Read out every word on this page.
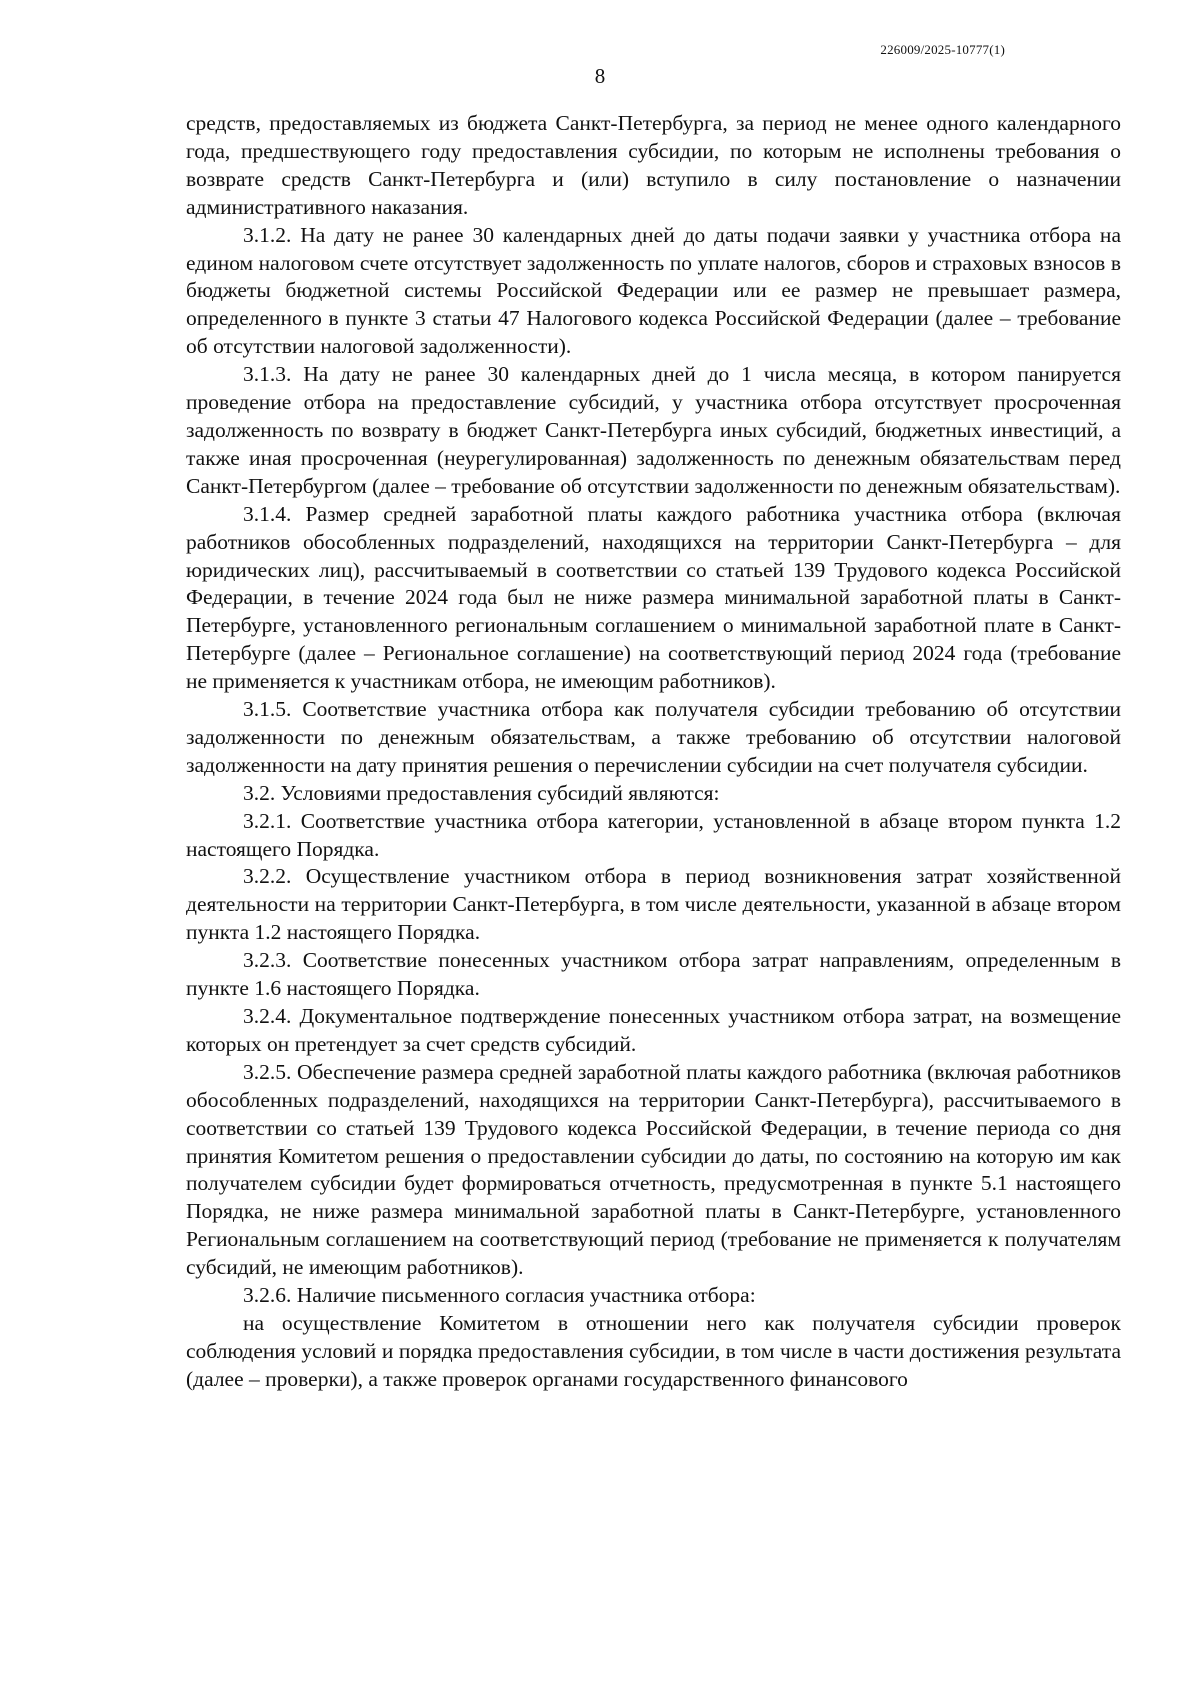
226009/2025-10777(1)
8

средств, предоставляемых из бюджета Санкт-Петербурга, за период не менее одного календарного года, предшествующего году предоставления субсидии, по которым не исполнены требования о возврате средств Санкт-Петербурга и (или) вступило в силу постановление о назначении административного наказания.

3.1.2. На дату не ранее 30 календарных дней до даты подачи заявки у участника отбора на едином налоговом счете отсутствует задолженность по уплате налогов, сборов и страховых взносов в бюджеты бюджетной системы Российской Федерации или ее размер не превышает размера, определенного в пункте 3 статьи 47 Налогового кодекса Российской Федерации (далее – требование об отсутствии налоговой задолженности).

3.1.3. На дату не ранее 30 календарных дней до 1 числа месяца, в котором панируется проведение отбора на предоставление субсидий, у участника отбора отсутствует просроченная задолженность по возврату в бюджет Санкт-Петербурга иных субсидий, бюджетных инвестиций, а также иная просроченная (неурегулированная) задолженность по денежным обязательствам перед Санкт-Петербургом (далее – требование об отсутствии задолженности по денежным обязательствам).

3.1.4. Размер средней заработной платы каждого работника участника отбора (включая работников обособленных подразделений, находящихся на территории Санкт-Петербурга – для юридических лиц), рассчитываемый в соответствии со статьей 139 Трудового кодекса Российской Федерации, в течение 2024 года был не ниже размера минимальной заработной платы в Санкт-Петербурге, установленного региональным соглашением о минимальной заработной плате в Санкт-Петербурге (далее – Региональное соглашение) на соответствующий период 2024 года (требование не применяется к участникам отбора, не имеющим работников).

3.1.5. Соответствие участника отбора как получателя субсидии требованию об отсутствии задолженности по денежным обязательствам, а также требованию об отсутствии налоговой задолженности на дату принятия решения о перечислении субсидии на счет получателя субсидии.

3.2. Условиями предоставления субсидий являются:

3.2.1. Соответствие участника отбора категории, установленной в абзаце втором пункта 1.2 настоящего Порядка.

3.2.2. Осуществление участником отбора в период возникновения затрат хозяйственной деятельности на территории Санкт-Петербурга, в том числе деятельности, указанной в абзаце втором пункта 1.2 настоящего Порядка.

3.2.3. Соответствие понесенных участником отбора затрат направлениям, определенным в пункте 1.6 настоящего Порядка.

3.2.4. Документальное подтверждение понесенных участником отбора затрат, на возмещение которых он претендует за счет средств субсидий.

3.2.5. Обеспечение размера средней заработной платы каждого работника (включая работников обособленных подразделений, находящихся на территории Санкт-Петербурга), рассчитываемого в соответствии со статьей 139 Трудового кодекса Российской Федерации, в течение периода со дня принятия Комитетом решения о предоставлении субсидии до даты, по состоянию на которую им как получателем субсидии будет формироваться отчетность, предусмотренная в пункте 5.1 настоящего Порядка, не ниже размера минимальной заработной платы в Санкт-Петербурге, установленного Региональным соглашением на соответствующий период (требование не применяется к получателям субсидий, не имеющим работников).

3.2.6. Наличие письменного согласия участника отбора:

на осуществление Комитетом в отношении него как получателя субсидии проверок соблюдения условий и порядка предоставления субсидии, в том числе в части достижения результата (далее – проверки), а также проверок органами государственного финансового
